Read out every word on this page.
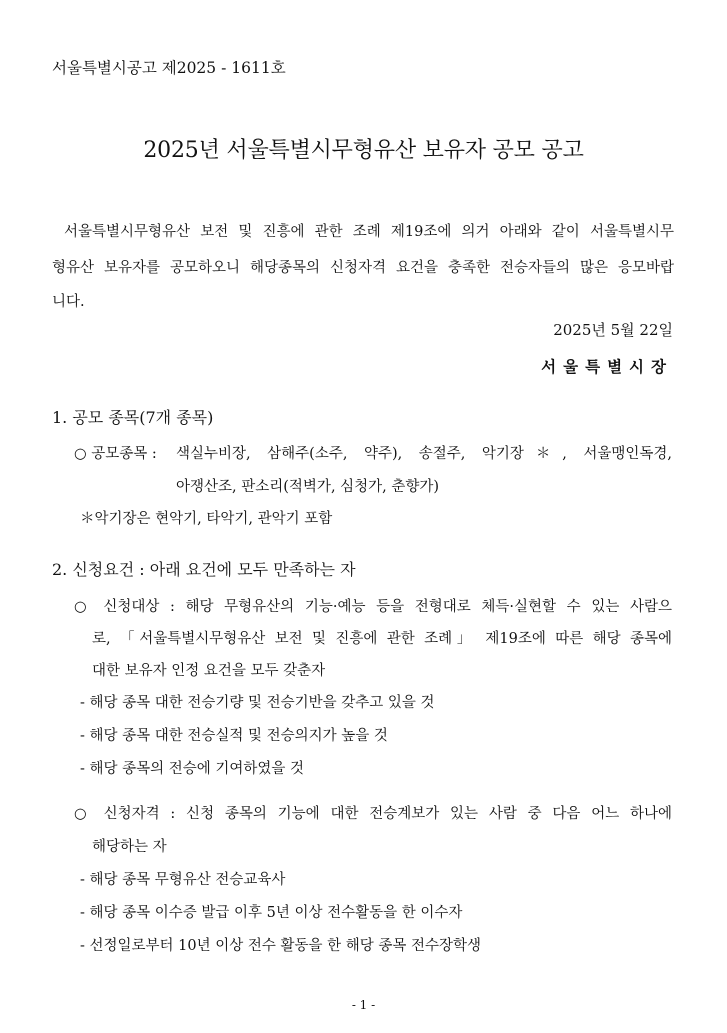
서울특별시공고 제2025 - 1611호
2025년 서울특별시무형유산 보유자 공모 공고
서울특별시무형유산 보전 및 진흥에 관한 조례 제19조에 의거 아래와 같이 서울특별시무
형유산 보유자를 공모하오니 해당종목의 신청자격 요건을 충족한 전승자들의 많은 응모바랍
니다.
2025년 5월 22일
서울특별시장
1. 공모 종목(7개 종목)
○ 공모종목 : 색실누비장, 삼해주(소주, 약주), 송절주, 악기장＊, 서울맹인독경,
아쟁산조, 판소리(적벽가, 심청가, 춘향가)
＊악기장은 현악기, 타악기, 관악기 포함
2. 신청요건 : 아래 요건에 모두 만족하는 자
○ 신청대상 : 해당 무형유산의 기능·예능 등을 전형대로 체득·실현할 수 있는 사람으
로, 「서울특별시무형유산 보전 및 진흥에 관한 조례」 제19조에 따른 해당 종목에
대한 보유자 인정 요건을 모두 갖춘자
- 해당 종목 대한 전승기량 및 전승기반을 갖추고 있을 것
- 해당 종목 대한 전승실적 및 전승의지가 높을 것
- 해당 종목의 전승에 기여하였을 것
○ 신청자격 : 신청 종목의 기능에 대한 전승계보가 있는 사람 중 다음 어느 하나에
해당하는 자
- 해당 종목 무형유산 전승교육사
- 해당 종목 이수증 발급 이후 5년 이상 전수활동을 한 이수자
- 선정일로부터 10년 이상 전수 활동을 한 해당 종목 전수장학생
- 1 -
